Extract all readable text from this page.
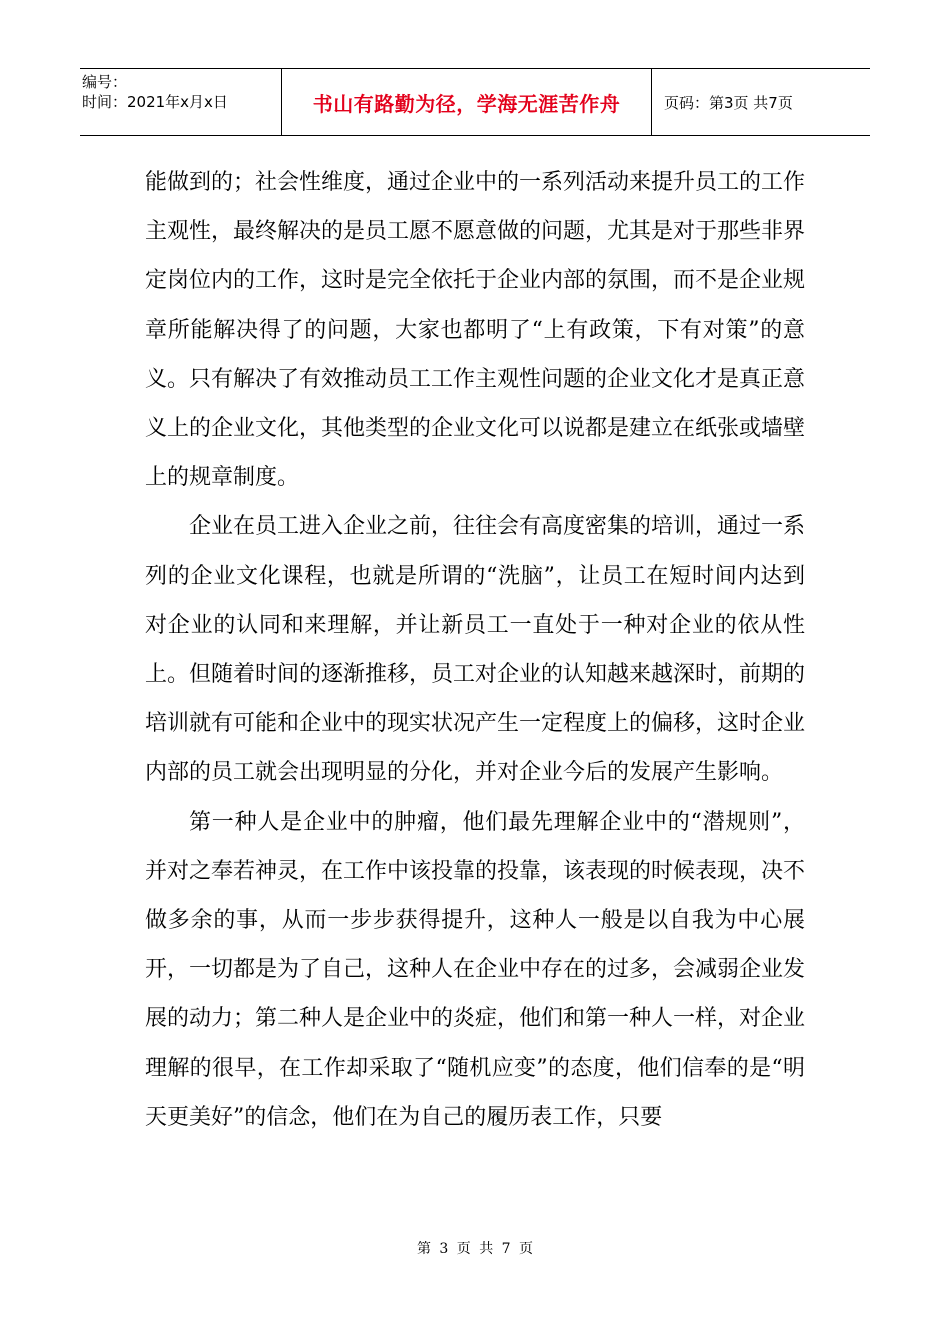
编号：
时间：2021年x月x日	书山有路勤为径，学海无涯苦作舟	页码：第3页 共7页

能做到的；社会性维度，通过企业中的一系列活动来提升员工的工作主观性，最终解决的是员工愿不愿意做的问题，尤其是对于那些非界定岗位内的工作，这时是完全依托于企业内部的氛围，而不是企业规章所能解决得了的问题，大家也都明了“上有政策，下有对策”的意义。只有解决了有效推动员工工作主观性问题的企业文化才是真正意义上的企业文化，其他类型的企业文化可以说都是建立在纸张或墙壁上的规章制度。

企业在员工进入企业之前，往往会有高度密集的培训，通过一系列的企业文化课程，也就是所谓的“洗脑”，让员工在短时间内达到对企业的认同和来理解，并让新员工一直处于一种对企业的依从性上。但随着时间的逐渐推移，员工对企业的认知越来越深时，前期的培训就有可能和企业中的现实状况产生一定程度上的偏移，这时企业内部的员工就会出现明显的分化，并对企业今后的发展产生影响。

第一种人是企业中的肿瘤，他们最先理解企业中的“潜规则”，并对之奉若神灵，在工作中该投靠的投靠，该表现的时候表现，决不做多余的事，从而一步步获得提升，这种人一般是以自我为中心展开，一切都是为了自己，这种人在企业中存在的过多，会减弱企业发展的动力；第二种人是企业中的炎症，他们和第一种人一样，对企业理解的很早，在工作却采取了“随机应变”的态度，他们信奉的是“明天更美好”的信念，他们在为自己的履历表工作，只要

第 3 页 共 7 页
